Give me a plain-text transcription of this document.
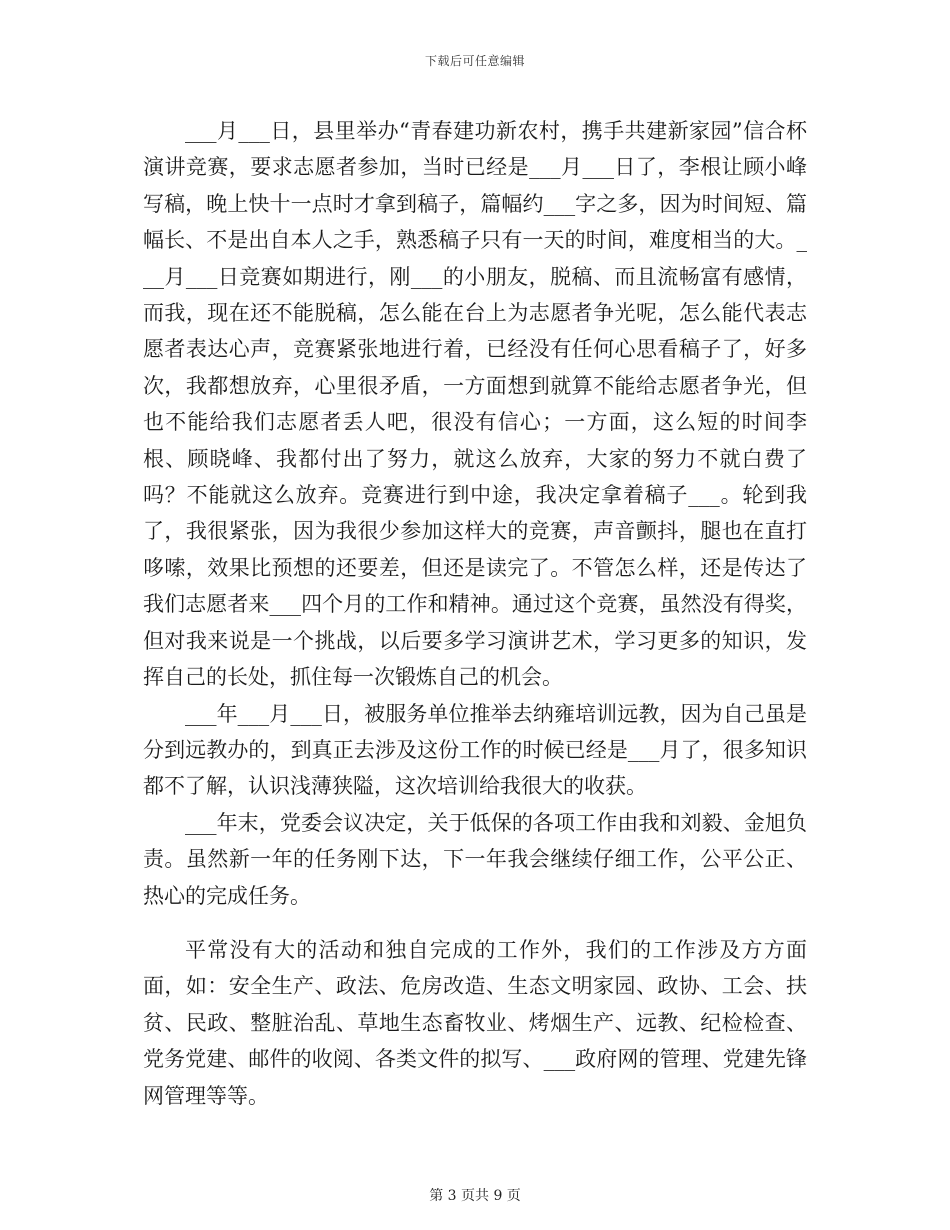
下载后可任意编辑

___月___日，县里举办“青春建功新农村，携手共建新家园”信合杯演讲竞赛，要求志愿者参加，当时已经是___月___日了，李根让顾小峰写稿，晚上快十一点时才拿到稿子，篇幅约___字之多，因为时间短、篇幅长、不是出自本人之手，熟悉稿子只有一天的时间，难度相当的大。___月___日竞赛如期进行，刚___的小朋友，脱稿、而且流畅富有感情，而我，现在还不能脱稿，怎么能在台上为志愿者争光呢，怎么能代表志愿者表达心声，竞赛紧张地进行着，已经没有任何心思看稿子了，好多次，我都想放弃，心里很矛盾，一方面想到就算不能给志愿者争光，但也不能给我们志愿者丢人吧，很没有信心；一方面，这么短的时间李根、顾晓峰、我都付出了努力，就这么放弃，大家的努力不就白费了吗？不能就这么放弃。竞赛进行到中途，我决定拿着稿子___。轮到我了，我很紧张，因为我很少参加这样大的竞赛，声音颤抖，腿也在直打哆嗦，效果比预想的还要差，但还是读完了。不管怎么样，还是传达了我们志愿者来___四个月的工作和精神。通过这个竞赛，虽然没有得奖，但对我来说是一个挑战，以后要多学习演讲艺术，学习更多的知识，发挥自己的长处，抓住每一次锻炼自己的机会。

___年___月___日，被服务单位推举去纳雍培训远教，因为自己虽是分到远教办的，到真正去涉及这份工作的时候已经是___月了，很多知识都不了解，认识浅薄狭隘，这次培训给我很大的收获。

___年末，党委会议决定，关于低保的各项工作由我和刘毅、金旭负责。虽然新一年的任务刚下达，下一年我会继续仔细工作，公平公正、热心的完成任务。

平常没有大的活动和独自完成的工作外，我们的工作涉及方方面面，如：安全生产、政法、危房改造、生态文明家园、政协、工会、扶贫、民政、整脏治乱、草地生态畜牧业、烤烟生产、远教、纪检检查、党务党建、邮件的收阅、各类文件的拟写、___政府网的管理、党建先锋网管理等等。

第 3 页共 9 页
